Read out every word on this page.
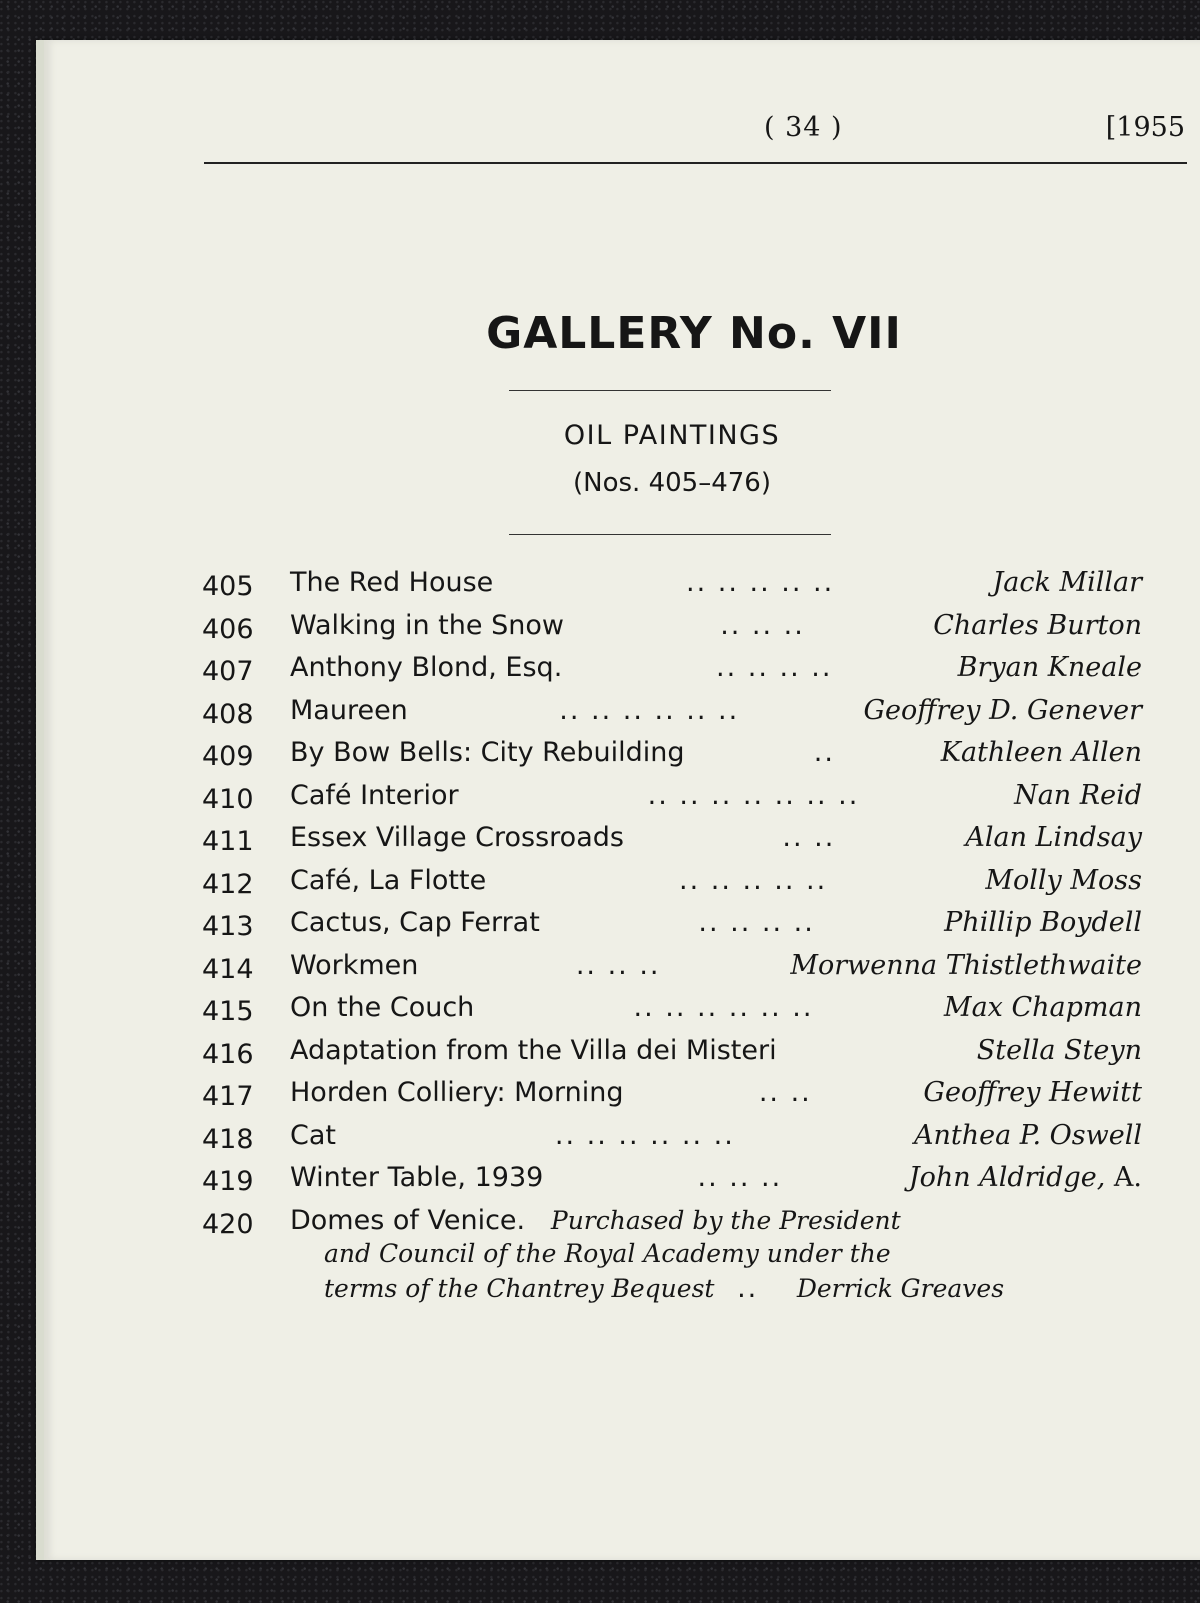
( 34 )	[1955
GALLERY No. VII
OIL PAINTINGS
(Nos. 405–476)
405	The Red House	.. .. .. .. ..	Jack Millar
406	Walking in the Snow	.. .. ..	Charles Burton
407	Anthony Blond, Esq.	.. .. .. ..	Bryan Kneale
408	Maureen	.. .. .. .. .. ..	Geoffrey D. Genever
409	By Bow Bells: City Rebuilding	..	Kathleen Allen
410	Café Interior	.. .. .. .. .. .. ..	Nan Reid
411	Essex Village Crossroads	.. ..	Alan Lindsay
412	Café, La Flotte	.. .. .. .. ..	Molly Moss
413	Cactus, Cap Ferrat	.. .. .. ..	Phillip Boydell
414	Workmen	.. .. ..	Morwenna Thistlethwaite
415	On the Couch	.. .. .. .. .. ..	Max Chapman
416	Adaptation from the Villa dei Misteri	Stella Steyn
417	Horden Colliery: Morning	.. ..	Geoffrey Hewitt
418	Cat	.. .. .. .. .. ..	Anthea P. Oswell
419	Winter Table, 1939	.. .. ..	John Aldridge, A.
420	Domes of Venice. Purchased by the President
and Council of the Royal Academy under the
terms of the Chantrey Bequest .. Derrick Greaves
